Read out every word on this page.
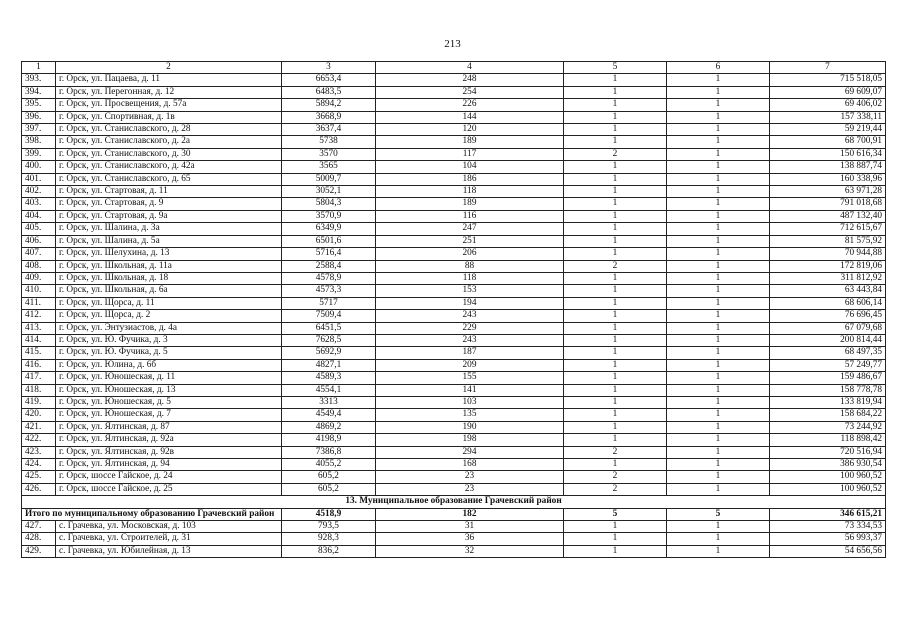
213
1	2	3	4	5	6	7
393.	г. Орск, ул. Пацаева, д. 11	6653,4	248	1	1	715 518,05
394.	г. Орск, ул. Перегонная, д. 12	6483,5	254	1	1	69 609,07
395.	г. Орск, ул. Просвещения, д. 57а	5894,2	226	1	1	69 406,02
396.	г. Орск, ул. Спортивная, д. 1в	3668,9	144	1	1	157 338,11
397.	г. Орск, ул. Станиславского, д. 28	3637,4	120	1	1	59 219,44
398.	г. Орск, ул. Станиславского, д. 2а	5738	189	1	1	68 700,91
399.	г. Орск, ул. Станиславского, д. 30	3570	117	2	1	150 616,34
400.	г. Орск, ул. Станиславского, д. 42а	3565	104	1	1	138 887,74
401.	г. Орск, ул. Станиславского, д. 65	5009,7	186	1	1	160 338,96
402.	г. Орск, ул. Стартовая, д. 11	3052,1	118	1	1	63 971,28
403.	г. Орск, ул. Стартовая, д. 9	5804,3	189	1	1	791 018,68
404.	г. Орск, ул. Стартовая, д. 9а	3570,9	116	1	1	487 132,40
405.	г. Орск, ул. Шалина, д. 3а	6349,9	247	1	1	712 615,67
406.	г. Орск, ул. Шалина, д. 5а	6501,6	251	1	1	81 575,92
407.	г. Орск, ул. Шелухина, д. 13	5716,4	206	1	1	70 944,88
408.	г. Орск, ул. Школьная, д. 11а	2588,4	88	2	1	172 819,06
409.	г. Орск, ул. Школьная, д. 18	4578,9	118	1	1	311 812,92
410.	г. Орск, ул. Школьная, д. 6а	4573,3	153	1	1	63 443,84
411.	г. Орск, ул. Щорса, д. 11	5717	194	1	1	68 606,14
412.	г. Орск, ул. Щорса, д. 2	7509,4	243	1	1	76 696,45
413.	г. Орск, ул. Энтузиастов, д. 4а	6451,5	229	1	1	67 079,68
414.	г. Орск, ул. Ю. Фучика, д. 3	7628,5	243	1	1	200 814,44
415.	г. Орск, ул. Ю. Фучика, д. 5	5692,9	187	1	1	68 497,35
416.	г. Орск, ул. Юлина, д. 6б	4827,1	209	1	1	57 249,77
417.	г. Орск, ул. Юношеская, д. 11	4589,3	155	1	1	159 486,67
418.	г. Орск, ул. Юношеская, д. 13	4554,1	141	1	1	158 778,78
419.	г. Орск, ул. Юношеская, д. 5	3313	103	1	1	133 819,94
420.	г. Орск, ул. Юношеская, д. 7	4549,4	135	1	1	158 684,22
421.	г. Орск, ул. Ялтинская, д. 87	4869,2	190	1	1	73 244,92
422.	г. Орск, ул. Ялтинская, д. 92а	4198,9	198	1	1	118 898,42
423.	г. Орск, ул. Ялтинская, д. 92в	7386,8	294	2	1	720 516,94
424.	г. Орск, ул. Ялтинская, д. 94	4055,2	168	1	1	386 930,54
425.	г. Орск, шоссе Гайское, д. 24	605,2	23	2	1	100 960,52
426.	г. Орск, шоссе Гайское, д. 25	605,2	23	2	1	100 960,52
13. Муниципальное образование Грачевский район						
Итого по муниципальному образованию Грачевский район		4518,9	182	5	5	346 615,21
427.	с. Грачевка, ул. Московская, д. 103	793,5	31	1	1	73 334,53
428.	с. Грачевка, ул. Строителей, д. 31	928,3	36	1	1	56 993,37
429.	с. Грачевка, ул. Юбилейная, д. 13	836,2	32	1	1	54 656,56
